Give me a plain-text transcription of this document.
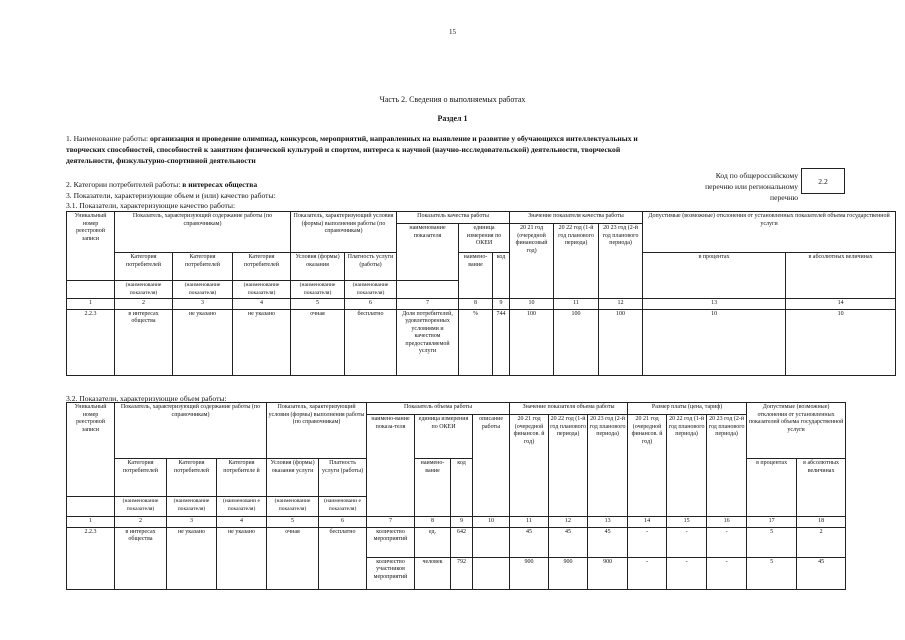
15
Часть 2. Сведения о выполняемых работах
Раздел 1
1. Наименование работы: организация и проведение олимпиад, конкурсов, мероприятий, направленных на выявление и развитие у обучающихся интеллектуальных и творческих способностей, способностей к занятиям физической культурой и спортом, интереса к научной (научно-исследовательской) деятельности, творческой деятельности, физкультурно-спортивной деятельности
Код по общероссийскому перечню или региональному перечню
2.2
2. Категории потребителей работы: в интересах общества
3. Показатели, характеризующие объем и (или) качество работы:
3.1. Показатели, характеризующие качество работы:
Уникальный номер реестровой записи	Показатель, характеризующий содержание работы (по справочникам)			Показатель, характеризующий условия (формы) выполнения работы (по справочникам)		Показатель качества работы			Значение показателя качества работы			Допустимые (возможные) отклонения от установленных показателей объема государственной услуги	
						наименование показателя	единица измерения по ОКЕИ		20 21 год (очередной финансовый год)	20 22 год (1-й год планового периода)	20 23 год (2-й год планового периода)		
	Категория потребителей	Категория потребителей	Категория потребителей	Условия (формы) оказания	Платность услуги (работы)		наимено-вание	код				в процентах	в абсолютных величинах
	(наименование показателя)	(наименование показателя)	(наименование показателя)	(наименование показателя)	(наименование показателя)								
1	2	3	4	5	6	7	8	9	10	11	12	13	14
2.2.3	в интересах общества	не указано	не указано	очная	бесплатно	Доля потребителей, удовлетворенных условиями и качеством предоставляемой услуги	%	744	100	100	100	10	10
3.2. Показатели, характеризующие объем работы:
Уникальный номер реестровой записи	Показатель, характеризующий содержание работы (по справочникам)			Показатель, характеризующий условия (формы) выполнения работы (по справочникам)		Показатель объема работы				Значение показателя объема работы			Размер платы (цена, тариф)			Допустимые (возможные) отклонения от установленных показателей объема государственной услуги	
						наимено-вание показа-теля	единица измерения по ОКЕИ		описание работы	20 21 год (очередной финансов. й год)	20 22 год (1-й год планового периода)	20 23 год (2-й год планового периода)	20 21 год (очередной финансов. й год)	20 22 год (1-й год планового периода)	20 23 год (2-й год планового периода)		
	Категория потребителей	Категория потребителей	Категория потребителе й	Условия (формы) оказания услуги	Платность услуги (работы)		наимено-вание	код								в процентах	в абсолютных величинах
	(наименование показателя)	(наименование показателя)	(наименовани е показателя)	(наименование показателя)	(наименовани е показателя)												
1	2	3	4	5	6	7	8	9	10	11	12	13	14	15	16	17	18
2.2.3	в интересах общества	не указано	не указано	очная	бесплатно	количество мероприятий	ед.	642		45	45	45	-	-	-	5	2
						количество участников мероприятий	человек	792		900	900	900	-	-	-	5	45
